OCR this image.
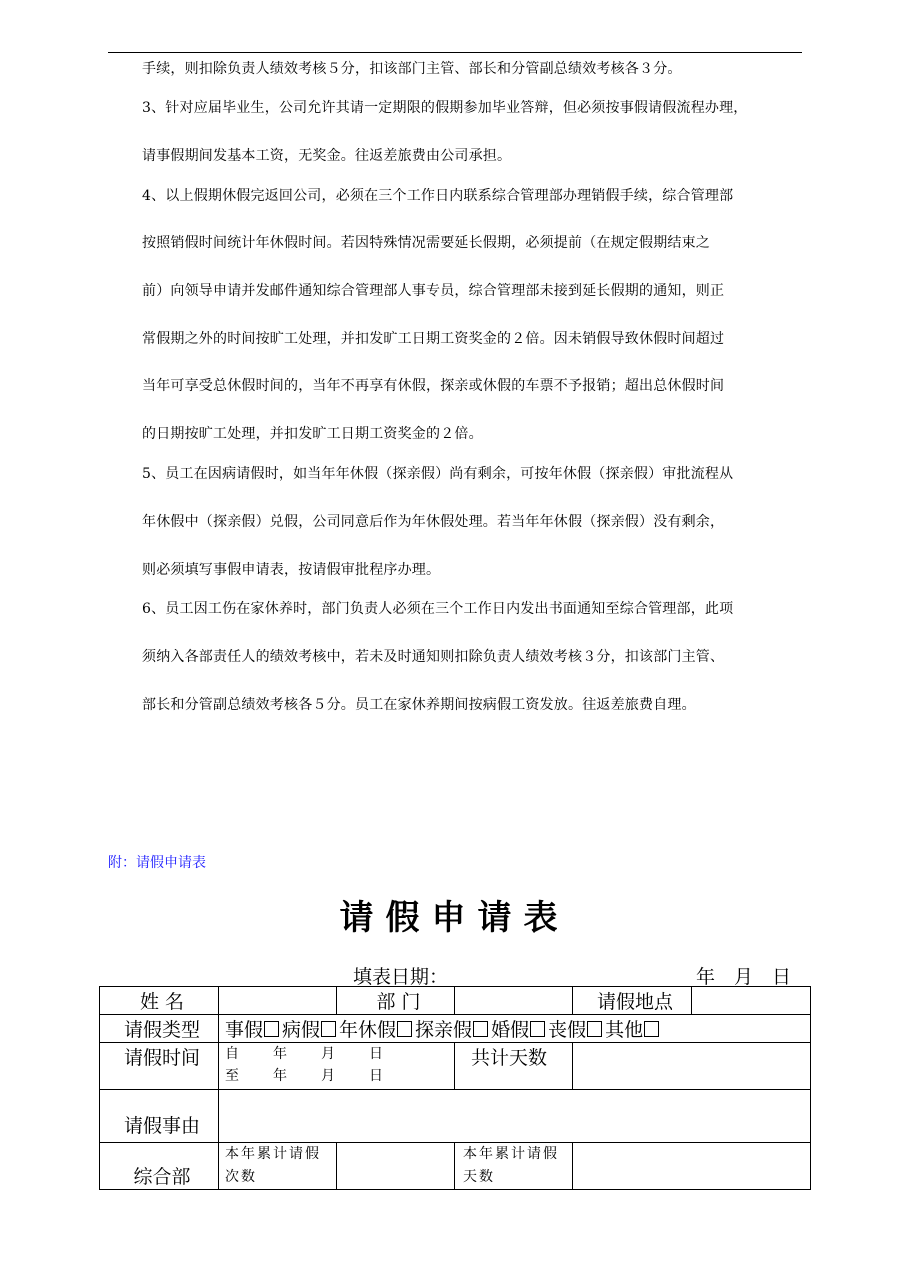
手续，则扣除负责人绩效考核５分，扣该部门主管、部长和分管副总绩效考核各３分。
3、针对应届毕业生，公司允许其请一定期限的假期参加毕业答辩，但必须按事假请假流程办理，
请事假期间发基本工资，无奖金。往返差旅费由公司承担。
4、以上假期休假完返回公司，必须在三个工作日内联系综合管理部办理销假手续，综合管理部
按照销假时间统计年休假时间。若因特殊情况需要延长假期，必须提前（在规定假期结束之
前）向领导申请并发邮件通知综合管理部人事专员，综合管理部未接到延长假期的通知，则正
常假期之外的时间按旷工处理，并扣发旷工日期工资奖金的２倍。因未销假导致休假时间超过
当年可享受总休假时间的，当年不再享有休假，探亲或休假的车票不予报销；超出总休假时间
的日期按旷工处理，并扣发旷工日期工资奖金的２倍。
5、员工在因病请假时，如当年年休假（探亲假）尚有剩余，可按年休假（探亲假）审批流程从
年休假中（探亲假）兑假，公司同意后作为年休假处理。若当年年休假（探亲假）没有剩余，
则必须填写事假申请表，按请假审批程序办理。
6、员工因工伤在家休养时，部门负责人必须在三个工作日内发出书面通知至综合管理部，此项
须纳入各部责任人的绩效考核中，若未及时通知则扣除负责人绩效考核３分，扣该部门主管、
部长和分管副总绩效考核各５分。员工在家休养期间按病假工资发放。往返差旅费自理。
附：请假申请表
请假申请表
填表日期：	年　月　日
姓 名		部 门		请假地点	
请假类型	事假 病假 年休假 探亲假 婚假 丧假 其他				
请假时间	自　　年　　月　　日
至　　年　　月　　日		共计天数		
请假事由					
综合部	本年累计请假次数		本年累计请假天数		
